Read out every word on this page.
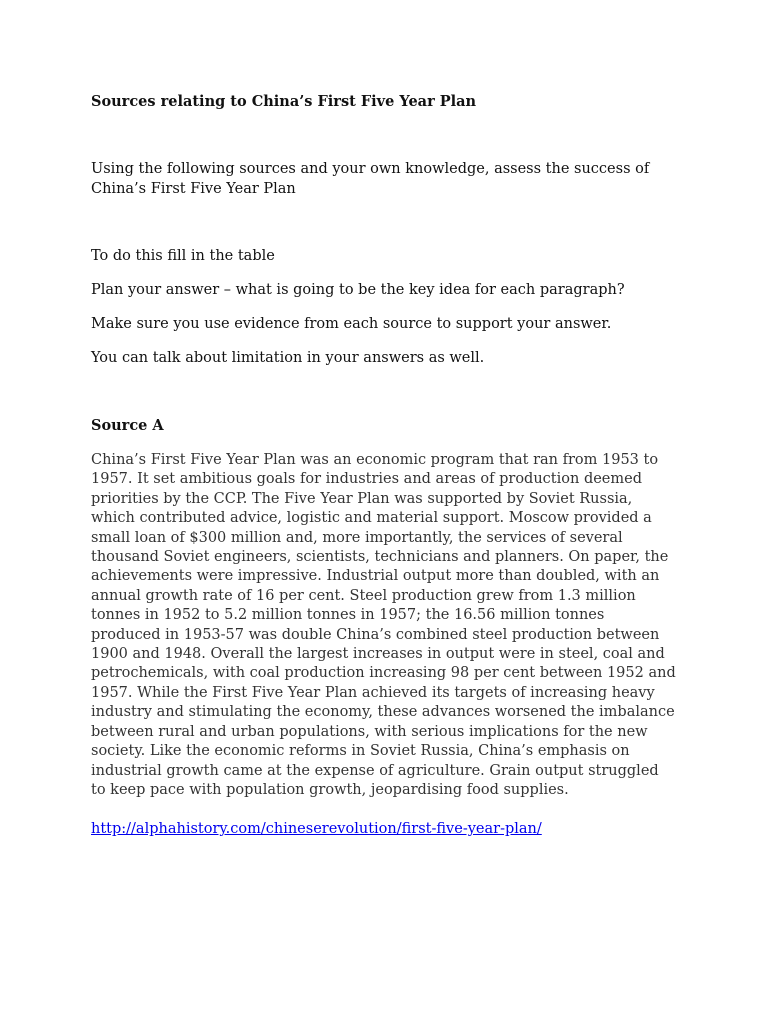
Sources relating to China’s First Five Year Plan

Using the following sources and your own knowledge, assess the success of China’s First Five Year Plan

To do this fill in the table

Plan your answer – what is going to be the key idea for each paragraph?

Make sure you use evidence from each source to support your answer.

You can talk about limitation in your answers as well.

Source A

China’s First Five Year Plan was an economic program that ran from 1953 to 1957. It set ambitious goals for industries and areas of production deemed priorities by the CCP. The Five Year Plan was supported by Soviet Russia, which contributed advice, logistic and material support. Moscow provided a small loan of $300 million and, more importantly, the services of several thousand Soviet engineers, scientists, technicians and planners. On paper, the achievements were impressive. Industrial output more than doubled, with an annual growth rate of 16 per cent. Steel production grew from 1.3 million tonnes in 1952 to 5.2 million tonnes in 1957; the 16.56 million tonnes produced in 1953-57 was double China’s combined steel production between 1900 and 1948. Overall the largest increases in output were in steel, coal and petrochemicals, with coal production increasing 98 per cent between 1952 and 1957. While the First Five Year Plan achieved its targets of increasing heavy industry and stimulating the economy, these advances worsened the imbalance between rural and urban populations, with serious implications for the new society. Like the economic reforms in Soviet Russia, China’s emphasis on industrial growth came at the expense of agriculture. Grain output struggled to keep pace with population growth, jeopardising food supplies.

http://alphahistory.com/chineserevolution/first-five-year-plan/
